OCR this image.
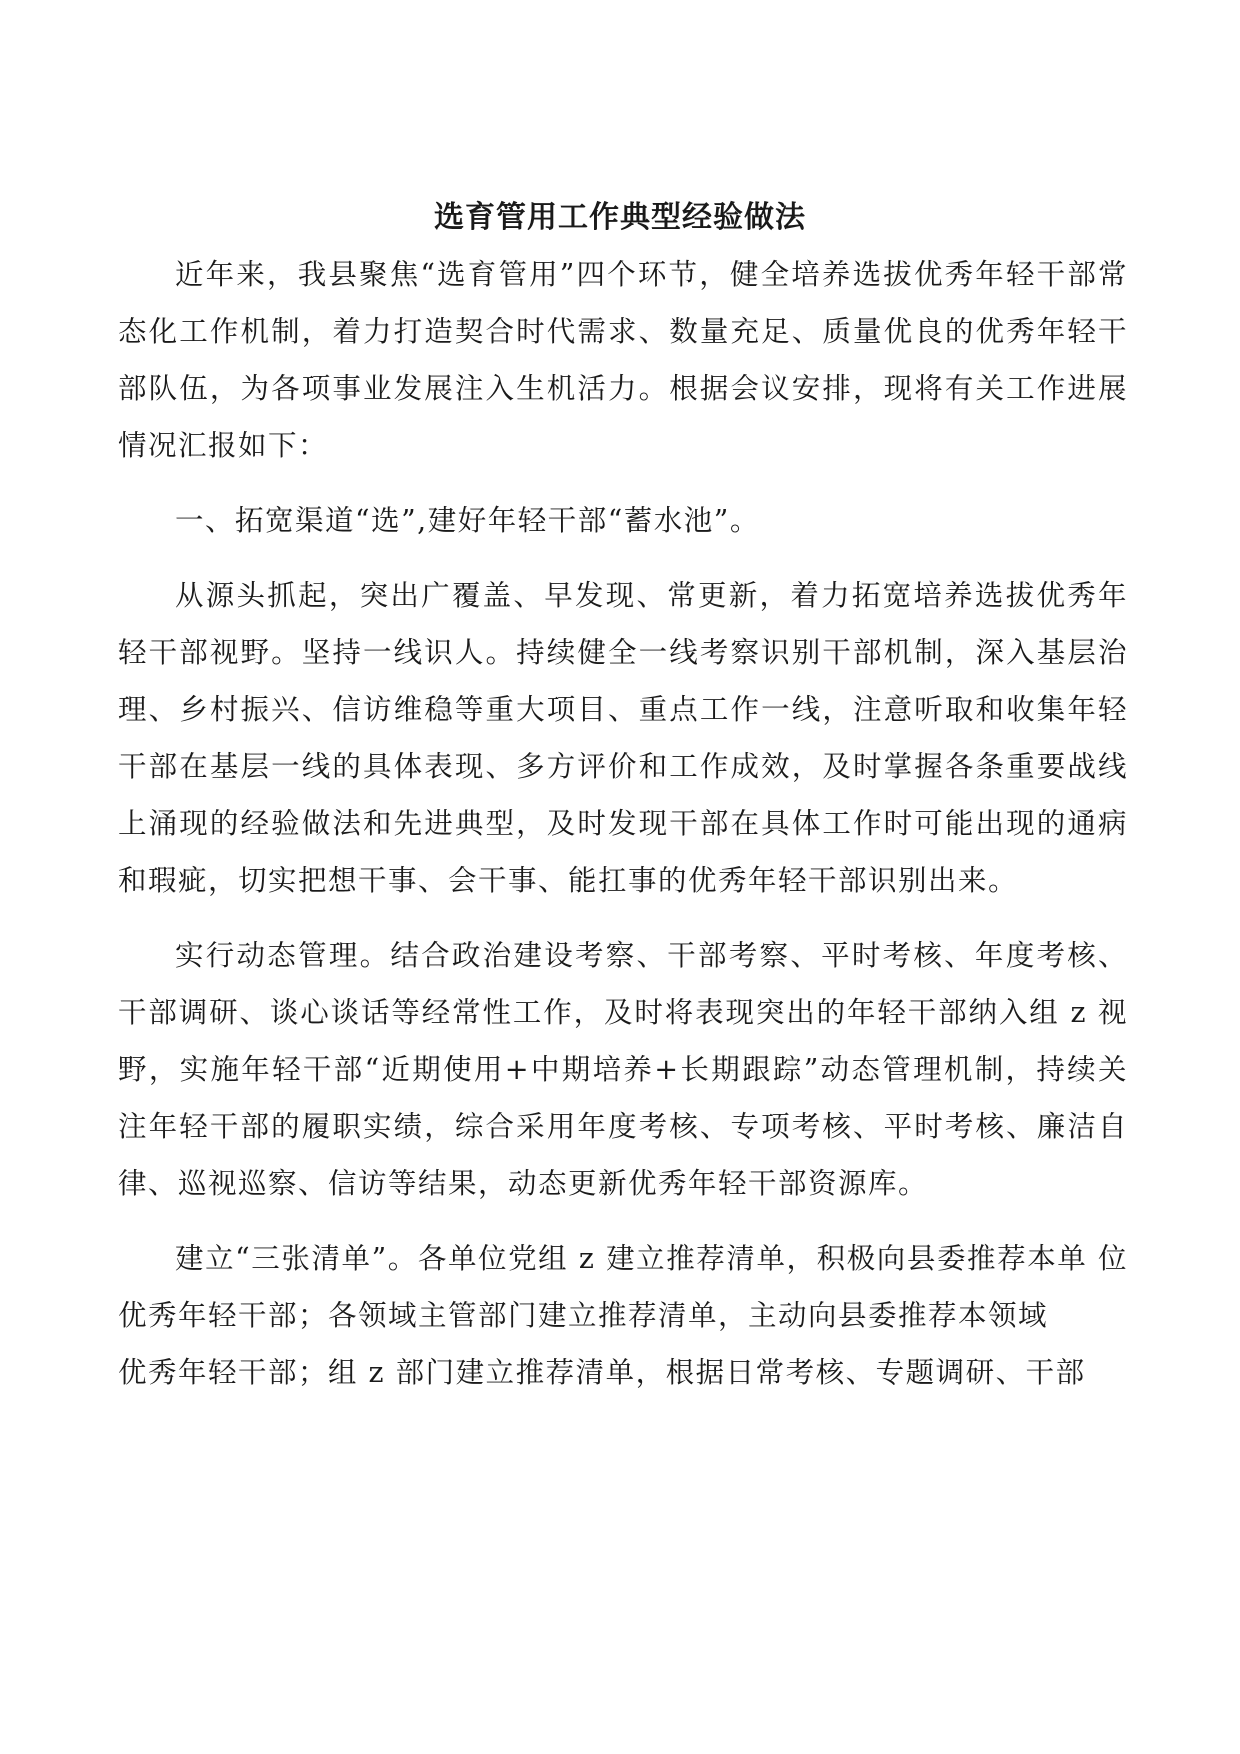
选育管用工作典型经验做法

近年来，我县聚焦“选育管用”四个环节，健全培养选拔优秀年轻干部常态化工作机制，着力打造契合时代需求、数量充足、质量优良的优秀年轻干部队伍，为各项事业发展注入生机活力。根据会议安排，现将有关工作进展情况汇报如下：

一、拓宽渠道“选”,建好年轻干部“蓄水池”。

从源头抓起，突出广覆盖、早发现、常更新，着力拓宽培养选拔优秀年轻干部视野。坚持一线识人。持续健全一线考察识别干部机制，深入基层治理、乡村振兴、信访维稳等重大项目、重点工作一线，注意听取和收集年轻干部在基层一线的具体表现、多方评价和工作成效，及时掌握各条重要战线上涌现的经验做法和先进典型，及时发现干部在具体工作时可能出现的通病和瑕疵，切实把想干事、会干事、能扛事的优秀年轻干部识别出来。

实行动态管理。结合政治建设考察、干部考察、平时考核、年度考核、干部调研、谈心谈话等经常性工作，及时将表现突出的年轻干部纳入组 z 视野，实施年轻干部“近期使用+中期培养+长期跟踪”动态管理机制，持续关注年轻干部的履职实绩，综合采用年度考核、专项考核、平时考核、廉洁自律、巡视巡察、信访等结果，动态更新优秀年轻干部资源库。

建立“三张清单”。各单位党组 z 建立推荐清单，积极向县委推荐本单 位优秀年轻干部；各领域主管部门建立推荐清单，主动向县委推荐本领域

优秀年轻干部；组 z 部门建立推荐清单，根据日常考核、专题调研、干部
